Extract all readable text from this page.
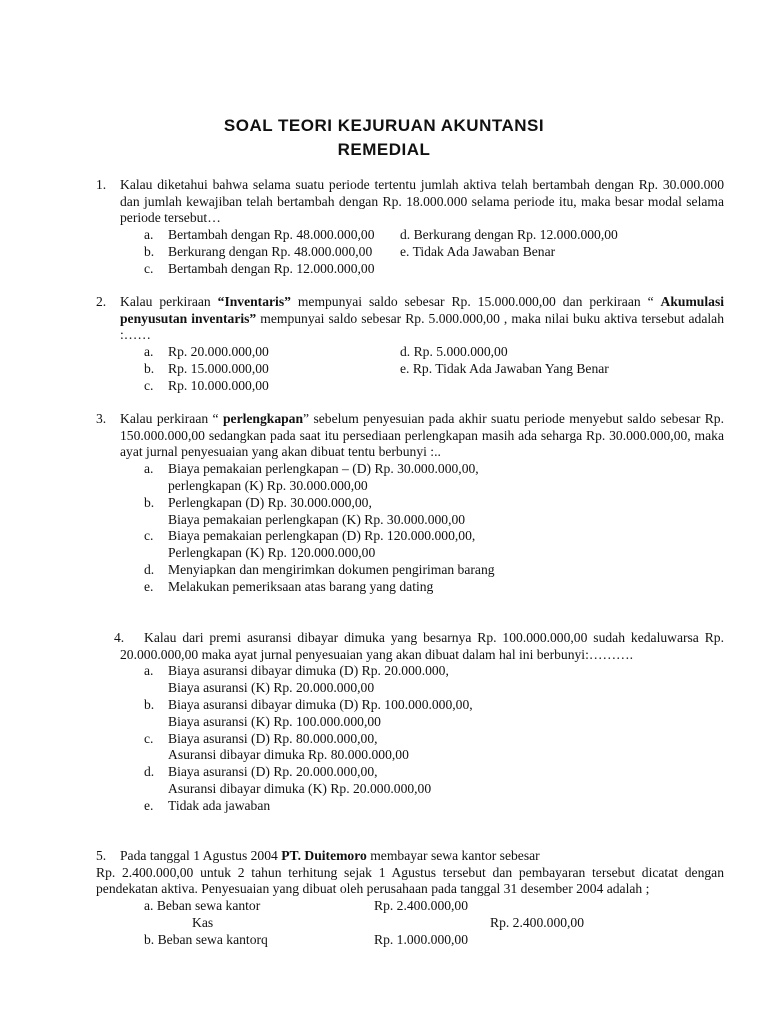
SOAL TEORI KEJURUAN AKUNTANSI
REMEDIAL
1. Kalau diketahui bahwa selama suatu periode tertentu jumlah aktiva telah bertambah dengan Rp. 30.000.000 dan jumlah kewajiban telah bertambah dengan Rp. 18.000.000 selama periode itu, maka besar modal selama periode tersebut…
a.	Bertambah dengan Rp. 48.000.000,00	d. Berkurang dengan Rp. 12.000.000,00
b.	Berkurang dengan Rp. 48.000.000,00	e. Tidak Ada Jawaban Benar
c.	Bertambah dengan Rp. 12.000.000,00
2. Kalau perkiraan “Inventaris” mempunyai saldo sebesar Rp. 15.000.000,00 dan perkiraan “ Akumulasi penyusutan inventaris” mempunyai saldo sebesar Rp. 5.000.000,00 , maka nilai buku aktiva tersebut adalah :……
a.	Rp. 20.000.000,00	d. Rp. 5.000.000,00
b.	Rp. 15.000.000,00	e. Rp. Tidak Ada Jawaban Yang Benar
c.	Rp. 10.000.000,00
3. Kalau perkiraan “ perlengkapan” sebelum penyesuian pada akhir suatu periode menyebut saldo sebesar Rp. 150.000.000,00 sedangkan pada saat itu persediaan perlengkapan masih ada seharga Rp. 30.000.000,00, maka ayat jurnal penyesuaian yang akan dibuat tentu berbunyi :..
a.	Biaya pemakaian perlengkapan – (D) Rp. 30.000.000,00,
perlengkapan (K) Rp. 30.000.000,00
b.	Perlengkapan (D) Rp. 30.000.000,00,
Biaya pemakaian perlengkapan (K) Rp. 30.000.000,00
c.	Biaya pemakaian perlengkapan (D) Rp. 120.000.000,00,
Perlengkapan (K) Rp. 120.000.000,00
d.	Menyiapkan dan mengirimkan dokumen pengiriman barang
e.	Melakukan pemeriksaan atas barang yang dating
4.	Kalau dari premi asuransi dibayar dimuka yang besarnya Rp. 100.000.000,00 sudah kedaluwarsa Rp. 20.000.000,00 maka ayat jurnal penyesuaian yang akan dibuat dalam hal ini berbunyi:……….
a.	Biaya asuransi dibayar dimuka (D) Rp. 20.000.000,
Biaya asuransi (K) Rp. 20.000.000,00
b.	Biaya asuransi dibayar dimuka (D) Rp. 100.000.000,00,
Biaya asuransi (K) Rp. 100.000.000,00
c.	Biaya asuransi (D) Rp. 80.000.000,00,
Asuransi dibayar dimuka Rp. 80.000.000,00
d.	Biaya asuransi (D) Rp. 20.000.000,00,
Asuransi dibayar dimuka (K) Rp. 20.000.000,00
e.	Tidak ada jawaban
5. Pada tanggal 1 Agustus 2004 PT. Duitemoro membayar sewa kantor sebesar
Rp. 2.400.000,00 untuk 2 tahun terhitung sejak 1 Agustus tersebut dan pembayaran tersebut dicatat dengan pendekatan aktiva. Penyesuaian yang dibuat oleh perusahaan pada tanggal 31 desember 2004 adalah ;
a. Beban sewa kantor	Rp. 2.400.000,00
Kas	Rp. 2.400.000,00
b. Beban sewa kantorq	Rp. 1.000.000,00
